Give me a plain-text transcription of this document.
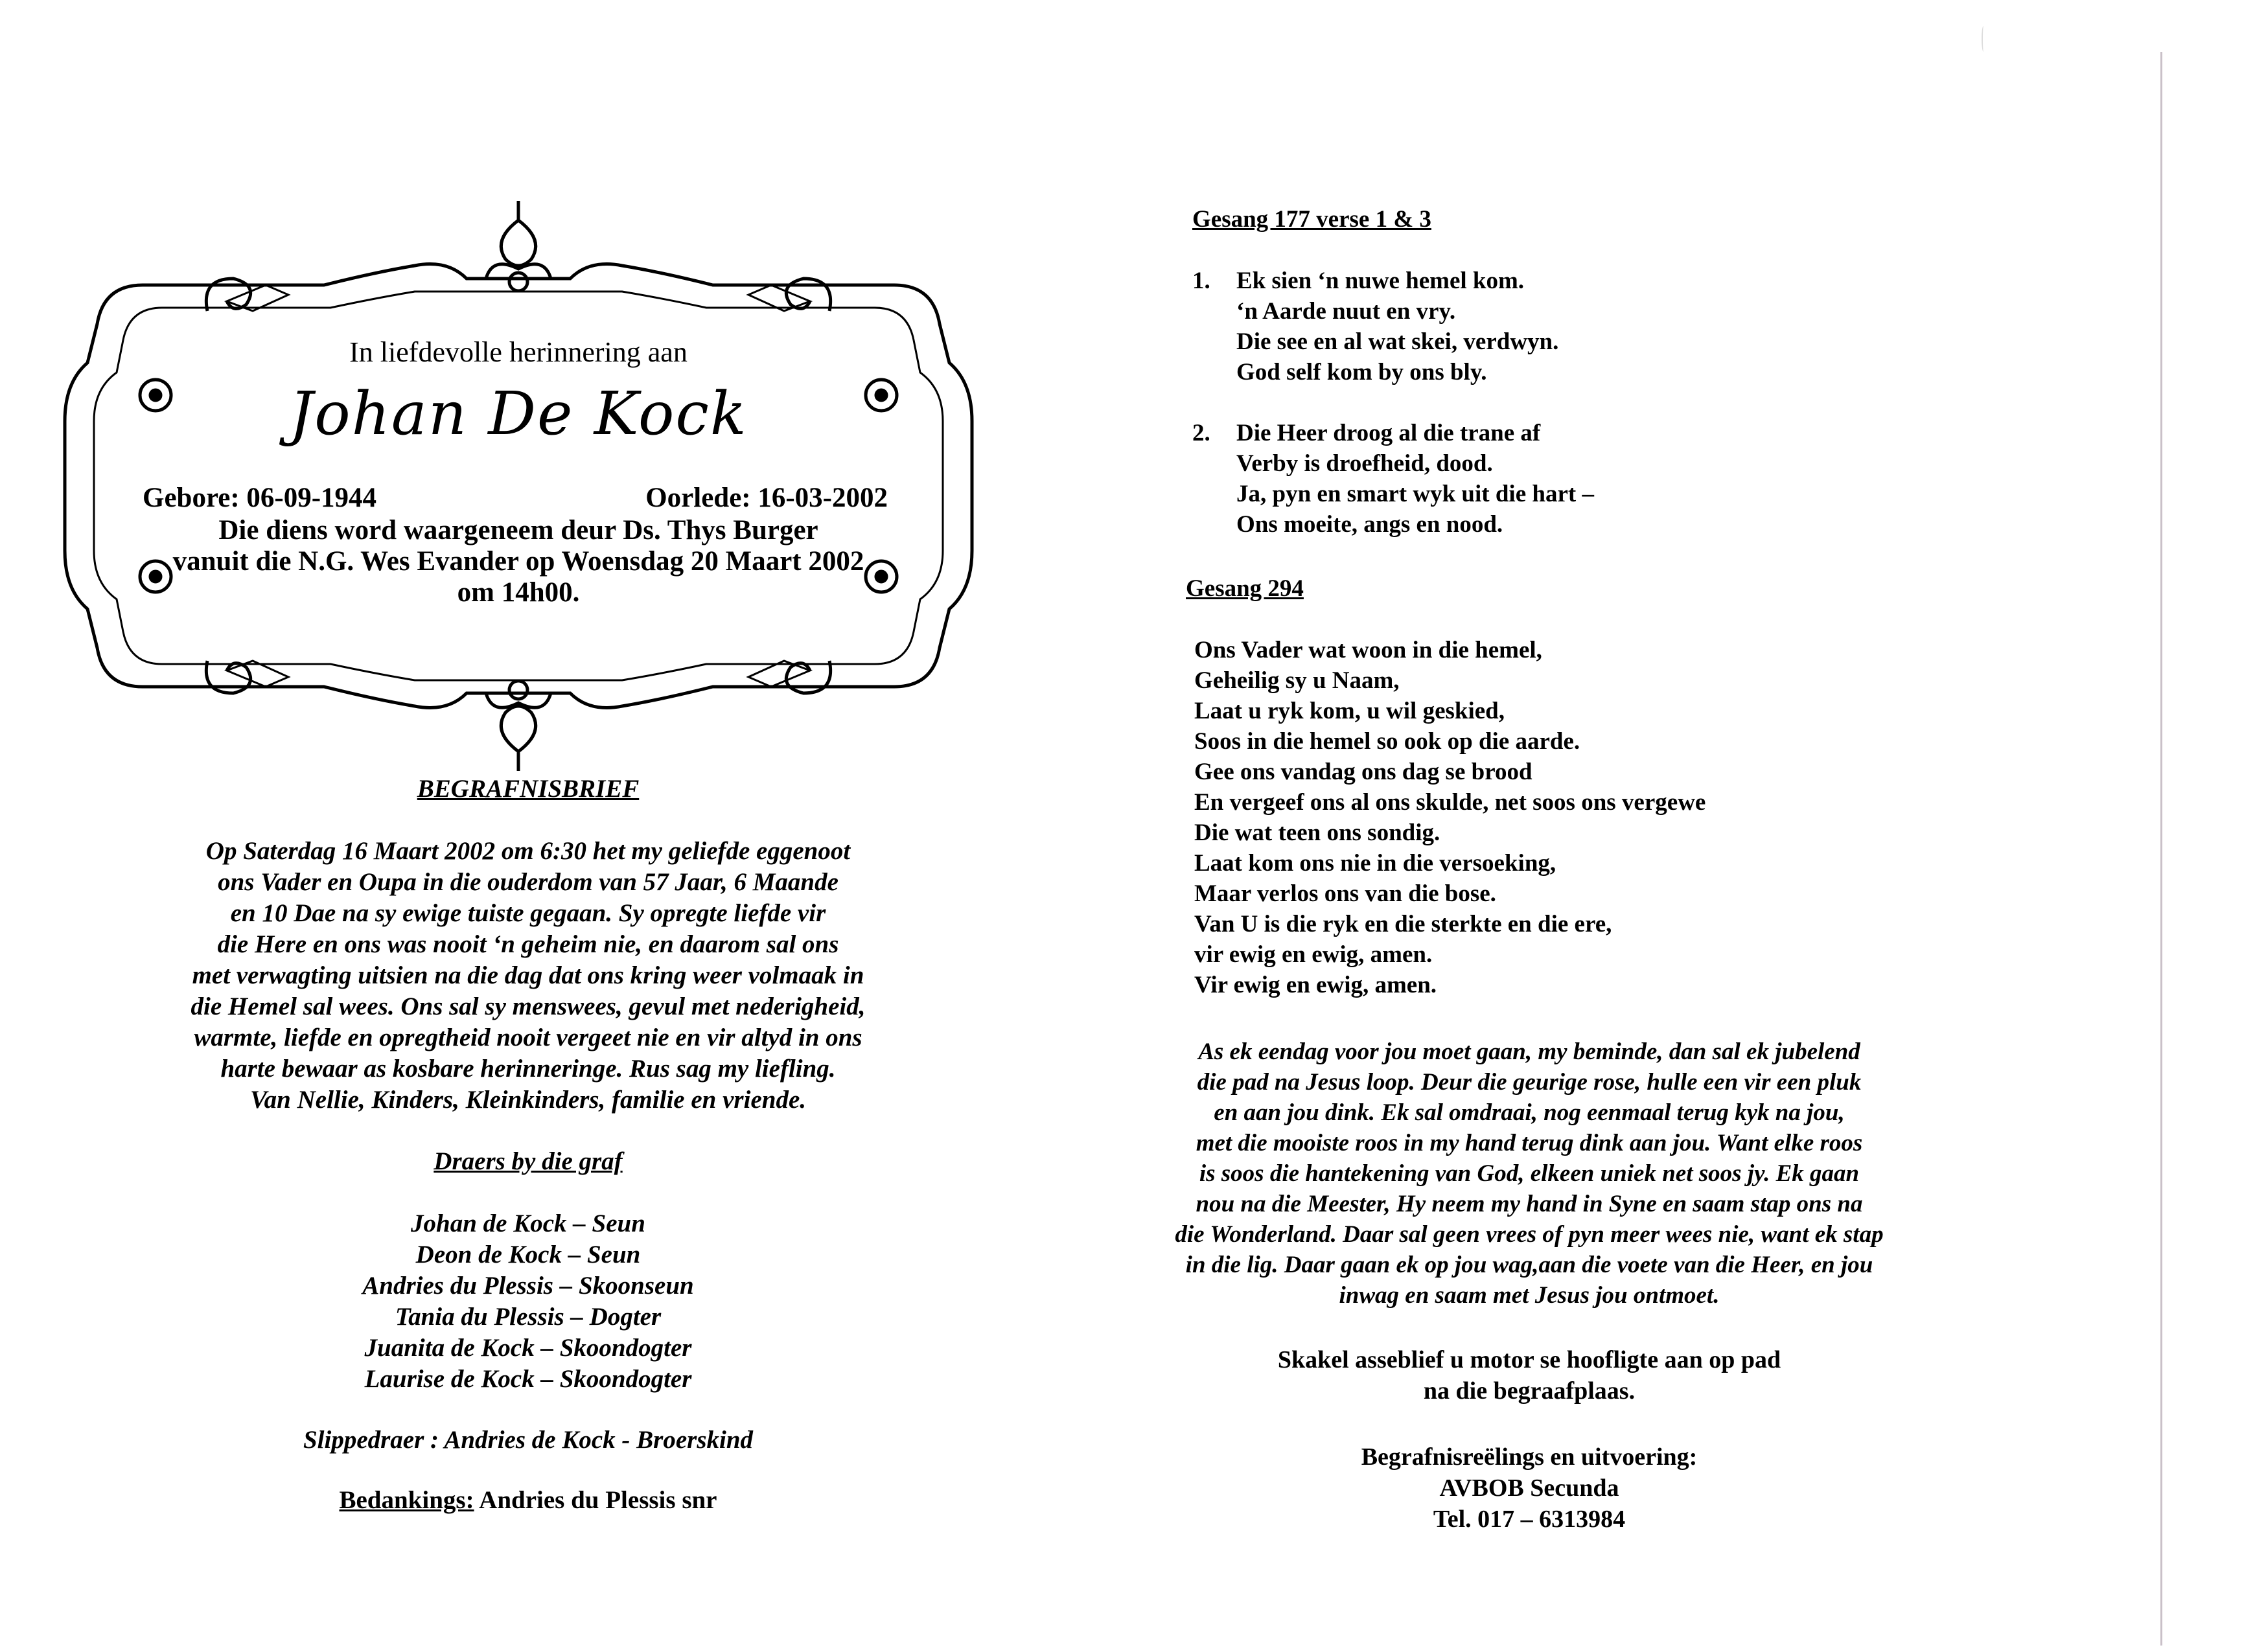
In liefdevolle herinnering aan
Johan De Kock
Gebore: 06-09-1944	Oorlede: 16-03-2002
Die diens word waargeneem deur Ds. Thys Burger
vanuit die N.G. Wes Evander op Woensdag 20 Maart 2002
om 14h00.
BEGRAFNISBRIEF
Op Saterdag 16 Maart 2002 om 6:30 het my geliefde eggenoot
ons Vader en Oupa in die ouderdom van 57 Jaar, 6 Maande
en 10 Dae na sy ewige tuiste gegaan. Sy opregte liefde vir
die Here en ons was nooit ‘n geheim nie, en daarom sal ons
met verwagting uitsien na die dag dat ons kring weer volmaak in
die Hemel sal wees. Ons sal sy menswees, gevul met nederigheid,
warmte, liefde en opregtheid nooit vergeet nie en vir altyd in ons
harte bewaar as kosbare herinneringe. Rus sag my liefling.
Van Nellie, Kinders, Kleinkinders, familie en vriende.
Draers by die graf
Johan de Kock – Seun
Deon de Kock – Seun
Andries du Plessis – Skoonseun
Tania du Plessis – Dogter
Juanita de Kock – Skoondogter
Laurise de Kock – Skoondogter
Slippedraer : Andries de Kock - Broerskind
Bedankings: Andries du Plessis snr
Gesang 177 verse 1 & 3
1.	Ek sien ‘n nuwe hemel kom.
‘n Aarde nuut en vry.
Die see en al wat skei, verdwyn.
God self kom by ons bly.
2.	Die Heer droog al die trane af
Verby is droefheid, dood.
Ja, pyn en smart wyk uit die hart –
Ons moeite, angs en nood.
Gesang 294
Ons Vader wat woon in die hemel,
Geheilig sy u Naam,
Laat u ryk kom, u wil geskied,
Soos in die hemel so ook op die aarde.
Gee ons vandag ons dag se brood
En vergeef ons al ons skulde, net soos ons vergewe
Die wat teen ons sondig.
Laat kom ons nie in die versoeking,
Maar verlos ons van die bose.
Van U is die ryk en die sterkte en die ere,
vir ewig en ewig, amen.
Vir ewig en ewig, amen.
As ek eendag voor jou moet gaan, my beminde, dan sal ek jubelend
die pad na Jesus loop. Deur die geurige rose, hulle een vir een pluk
en aan jou dink. Ek sal omdraai, nog eenmaal terug kyk na jou,
met die mooiste roos in my hand terug dink aan jou. Want elke roos
is soos die hantekening van God, elkeen uniek net soos jy. Ek gaan
nou na die Meester, Hy neem my hand in Syne en saam stap ons na
die Wonderland. Daar sal geen vrees of pyn meer wees nie, want ek stap
in die lig. Daar gaan ek op jou wag,aan die voete van die Heer, en jou
inwag en saam met Jesus jou ontmoet.
Skakel asseblief u motor se hoofligte aan op pad
na die begraafplaas.
Begrafnisreëlings en uitvoering:
AVBOB Secunda
Tel. 017 – 6313984
